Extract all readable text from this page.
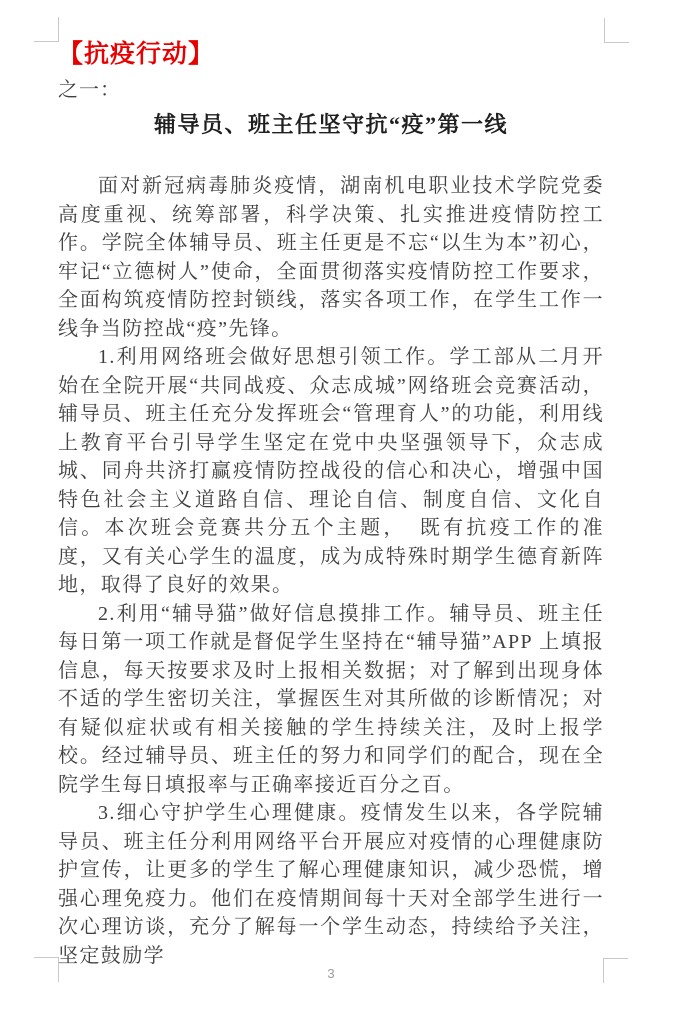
【抗疫行动】
之一：
辅导员、班主任坚守抗“疫”第一线

面对新冠病毒肺炎疫情，湖南机电职业技术学院党委高度重视、统筹部署，科学决策、扎实推进疫情防控工作。学院全体辅导员、班主任更是不忘“以生为本”初心，牢记“立德树人”使命，全面贯彻落实疫情防控工作要求，全面构筑疫情防控封锁线，落实各项工作，在学生工作一线争当防控战“疫”先锋。

1.利用网络班会做好思想引领工作。学工部从二月开始在全院开展“共同战疫、众志成城”网络班会竞赛活动，辅导员、班主任充分发挥班会“管理育人”的功能，利用线上教育平台引导学生坚定在党中央坚强领导下，众志成城、同舟共济打赢疫情防控战役的信心和决心，增强中国特色社会主义道路自信、理论自信、制度自信、文化自信。本次班会竞赛共分五个主题，　既有抗疫工作的准度，又有关心学生的温度，成为成特殊时期学生德育新阵地，取得了良好的效果。

2.利用“辅导猫”做好信息摸排工作。辅导员、班主任每日第一项工作就是督促学生坚持在“辅导猫”APP 上填报信息，每天按要求及时上报相关数据；对了解到出现身体不适的学生密切关注，掌握医生对其所做的诊断情况；对有疑似症状或有相关接触的学生持续关注，及时上报学校。经过辅导员、班主任的努力和同学们的配合，现在全院学生每日填报率与正确率接近百分之百。

3.细心守护学生心理健康。疫情发生以来，各学院辅导员、班主任分利用网络平台开展应对疫情的心理健康防护宣传，让更多的学生了解心理健康知识，减少恐慌，增强心理免疫力。他们在疫情期间每十天对全部学生进行一次心理访谈，充分了解每一个学生动态，持续给予关注，坚定鼓励学

3
